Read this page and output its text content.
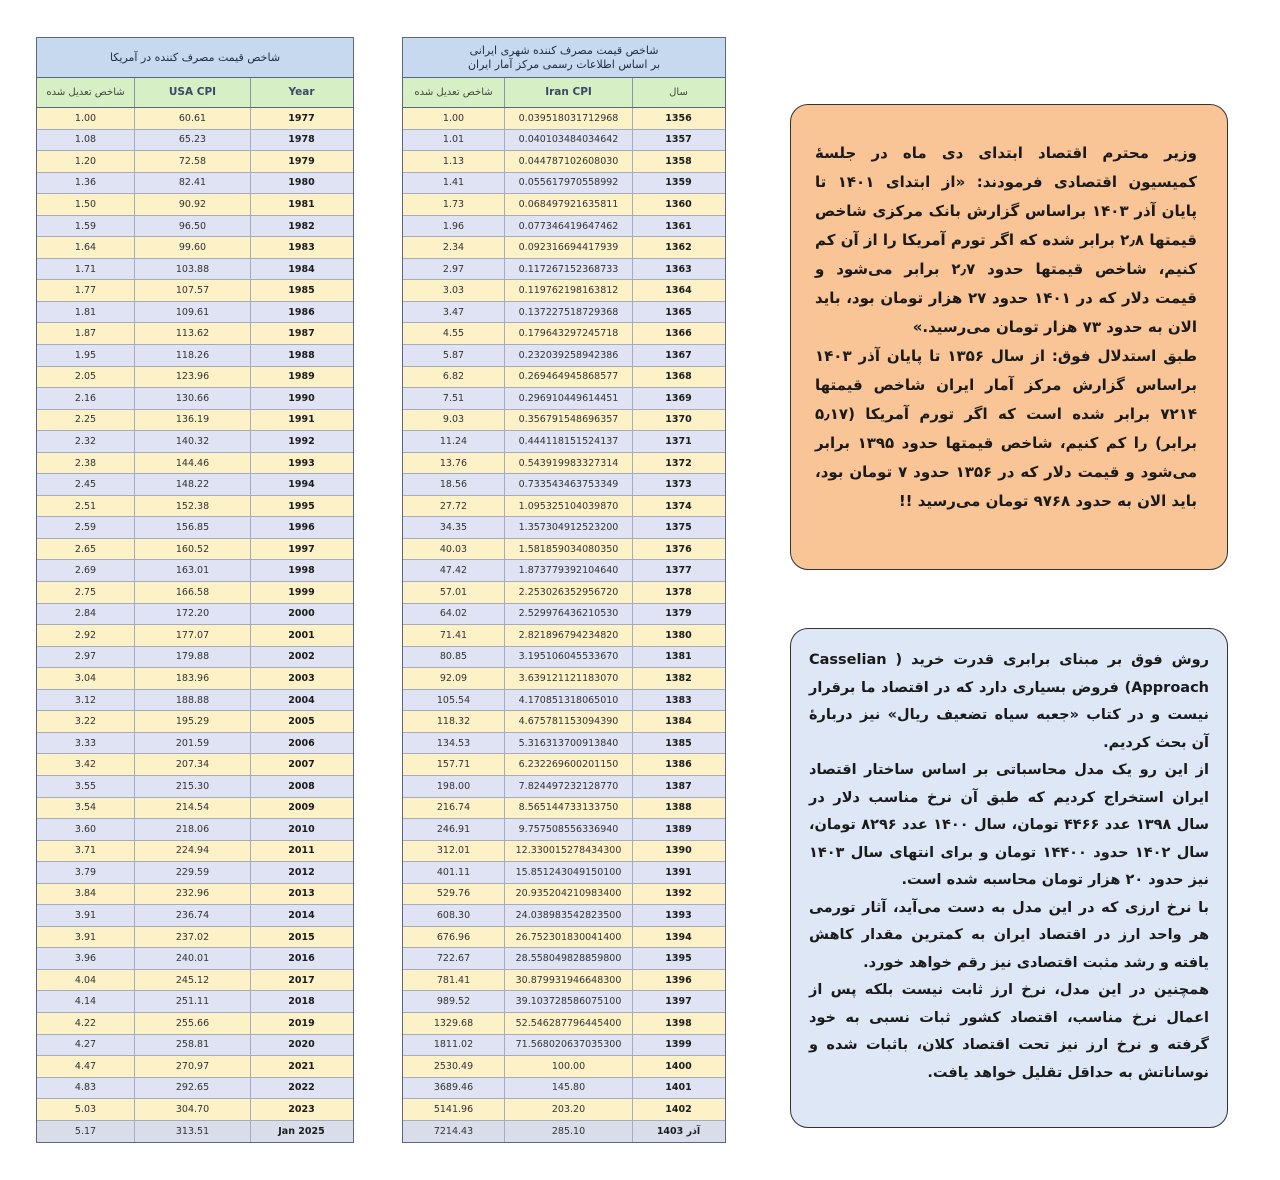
شاخص قیمت مصرف کننده در آمریکا
شاخص تعدیل شده	USA CPI	Year
1.00	60.61	1977
1.08	65.23	1978
1.20	72.58	1979
1.36	82.41	1980
1.50	90.92	1981
1.59	96.50	1982
1.64	99.60	1983
1.71	103.88	1984
1.77	107.57	1985
1.81	109.61	1986
1.87	113.62	1987
1.95	118.26	1988
2.05	123.96	1989
2.16	130.66	1990
2.25	136.19	1991
2.32	140.32	1992
2.38	144.46	1993
2.45	148.22	1994
2.51	152.38	1995
2.59	156.85	1996
2.65	160.52	1997
2.69	163.01	1998
2.75	166.58	1999
2.84	172.20	2000
2.92	177.07	2001
2.97	179.88	2002
3.04	183.96	2003
3.12	188.88	2004
3.22	195.29	2005
3.33	201.59	2006
3.42	207.34	2007
3.55	215.30	2008
3.54	214.54	2009
3.60	218.06	2010
3.71	224.94	2011
3.79	229.59	2012
3.84	232.96	2013
3.91	236.74	2014
3.91	237.02	2015
3.96	240.01	2016
4.04	245.12	2017
4.14	251.11	2018
4.22	255.66	2019
4.27	258.81	2020
4.47	270.97	2021
4.83	292.65	2022
5.03	304.70	2023
5.17	313.51	Jan 2025
شاخص قیمت مصرف کننده شهری ایرانی
بر اساس اطلاعات رسمی مرکز آمار ایران
شاخص تعدیل شده	Iran CPI	سال
1.00	0.039518031712968	1356
1.01	0.040103484034642	1357
1.13	0.044787102608030	1358
1.41	0.055617970558992	1359
1.73	0.068497921635811	1360
1.96	0.077346419647462	1361
2.34	0.092316694417939	1362
2.97	0.117267152368733	1363
3.03	0.119762198163812	1364
3.47	0.137227518729368	1365
4.55	0.179643297245718	1366
5.87	0.232039258942386	1367
6.82	0.269464945868577	1368
7.51	0.296910449614451	1369
9.03	0.356791548696357	1370
11.24	0.444118151524137	1371
13.76	0.543919983327314	1372
18.56	0.733543463753349	1373
27.72	1.095325104039870	1374
34.35	1.357304912523200	1375
40.03	1.581859034080350	1376
47.42	1.873779392104640	1377
57.01	2.253026352956720	1378
64.02	2.529976436210530	1379
71.41	2.821896794234820	1380
80.85	3.195106045533670	1381
92.09	3.639121121183070	1382
105.54	4.170851318065010	1383
118.32	4.675781153094390	1384
134.53	5.316313700913840	1385
157.71	6.232269600201150	1386
198.00	7.824497232128770	1387
216.74	8.565144733133750	1388
246.91	9.757508556336940	1389
312.01	12.330015278434300	1390
401.11	15.851243049150100	1391
529.76	20.935204210983400	1392
608.30	24.038983542823500	1393
676.96	26.752301830041400	1394
722.67	28.558049828859800	1395
781.41	30.879931946648300	1396
989.52	39.103728586075100	1397
1329.68	52.546287796445400	1398
1811.02	71.568020637035300	1399
2530.49	100.00	1400
3689.46	145.80	1401
5141.96	203.20	1402
7214.43	285.10	آذر 1403

وزیر محترم اقتصاد ابتدای دی ماه در جلسهٔ کمیسیون اقتصادی فرمودند: «از ابتدای ۱۴۰۱ تا پایان آذر ۱۴۰۳ براساس گزارش بانک مرکزی شاخص قیمتها ۲٫۸ برابر شده که اگر تورم آمریکا را از آن کم کنیم، شاخص قیمتها حدود ۲٫۷ برابر می‌شود و قیمت دلار که در ۱۴۰۱ حدود ۲۷ هزار تومان بود، باید الان به حدود ۷۳ هزار تومان می‌رسید.»

طبق استدلال فوق: از سال ۱۳۵۶ تا پایان آذر ۱۴۰۳ براساس گزارش مرکز آمار ایران شاخص قیمتها ۷۲۱۴ برابر شده است که اگر تورم آمریکا (۵٫۱۷ برابر) را کم کنیم، شاخص قیمتها حدود ۱۳۹۵ برابر می‌شود و قیمت دلار که در ۱۳۵۶ حدود ۷ تومان بود، باید الان به حدود ۹۷۶۸ تومان می‌رسید !!

روش فوق بر مبنای برابری قدرت خرید ( Casselian Approach) فروض بسیاری دارد که در اقتصاد ما برقرار نیست و در کتاب «جعبه سیاه تضعیف ریال» نیز دربارهٔ آن بحث کردیم.

از این رو یک مدل محاسباتی بر اساس ساختار اقتصاد ایران استخراج کردیم که طبق آن نرخ مناسب دلار در سال ۱۳۹۸ عدد ۴۴۶۶ تومان، سال ۱۴۰۰ عدد ۸۲۹۶ تومان، سال ۱۴۰۲ حدود ۱۴۴۰۰ تومان و برای انتهای سال ۱۴۰۳ نیز حدود ۲۰ هزار تومان محاسبه شده است.

با نرخ ارزی که در این مدل به دست می‌آید، آثار تورمی هر واحد ارز در اقتصاد ایران به کمترین مقدار کاهش یافته و رشد مثبت اقتصادی نیز رقم خواهد خورد.

همچنین در این مدل، نرخ ارز ثابت نیست بلکه پس از اعمال نرخ مناسب، اقتصاد کشور ثبات نسبی به خود گرفته و نرخ ارز نیز تحت اقتصاد کلان، باثبات شده و نوساناتش به حداقل تقلیل خواهد یافت.
